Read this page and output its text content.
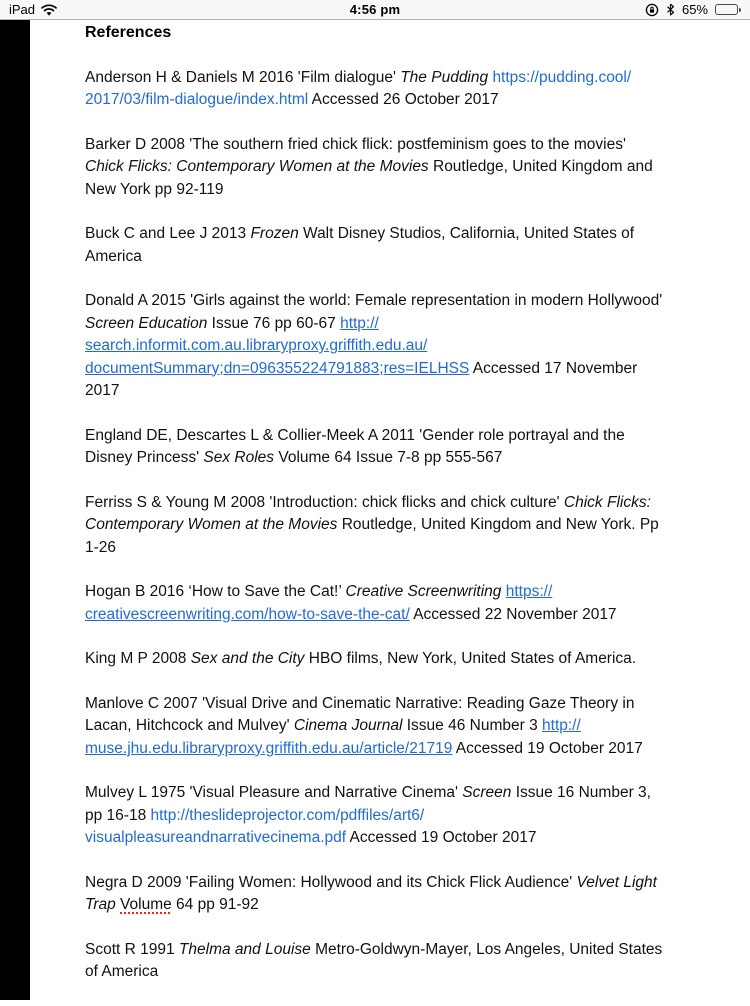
iPad	4:56 pm	65%
References

Anderson H & Daniels M 2016 'Film dialogue' The Pudding https://pudding.cool/2017/03/film-dialogue/index.html Accessed 26 October 2017

Barker D 2008 'The southern fried chick flick: postfeminism goes to the movies' Chick Flicks: Contemporary Women at the Movies Routledge, United Kingdom and New York pp 92-119

Buck C and Lee J 2013 Frozen Walt Disney Studios, California, United States of America

Donald A 2015 'Girls against the world: Female representation in modern Hollywood' Screen Education Issue 76 pp 60-67 http://search.informit.com.au.libraryproxy.griffith.edu.au/documentSummary;dn=096355224791883;res=IELHSS Accessed 17 November 2017

England DE, Descartes L & Collier-Meek A 2011 'Gender role portrayal and the Disney Princess' Sex Roles Volume 64 Issue 7-8 pp 555-567

Ferriss S & Young M 2008 'Introduction: chick flicks and chick culture' Chick Flicks: Contemporary Women at the Movies Routledge, United Kingdom and New York. Pp 1-26

Hogan B 2016 ‘How to Save the Cat!’ Creative Screenwriting https://creativescreenwriting.com/how-to-save-the-cat/ Accessed 22 November 2017

King M P 2008 Sex and the City HBO films, New York, United States of America.

Manlove C 2007 'Visual Drive and Cinematic Narrative: Reading Gaze Theory in Lacan, Hitchcock and Mulvey' Cinema Journal Issue 46 Number 3 http://muse.jhu.edu.libraryproxy.griffith.edu.au/article/21719 Accessed 19 October 2017

Mulvey L 1975 'Visual Pleasure and Narrative Cinema' Screen Issue 16 Number 3, pp 16-18 http://theslideprojector.com/pdffiles/art6/visualpleasureandnarrativecinema.pdf Accessed 19 October 2017

Negra D 2009 'Failing Women: Hollywood and its Chick Flick Audience' Velvet Light Trap Volume 64 pp 91-92

Scott R 1991 Thelma and Louise Metro-Goldwyn-Mayer, Los Angeles, United States of America
